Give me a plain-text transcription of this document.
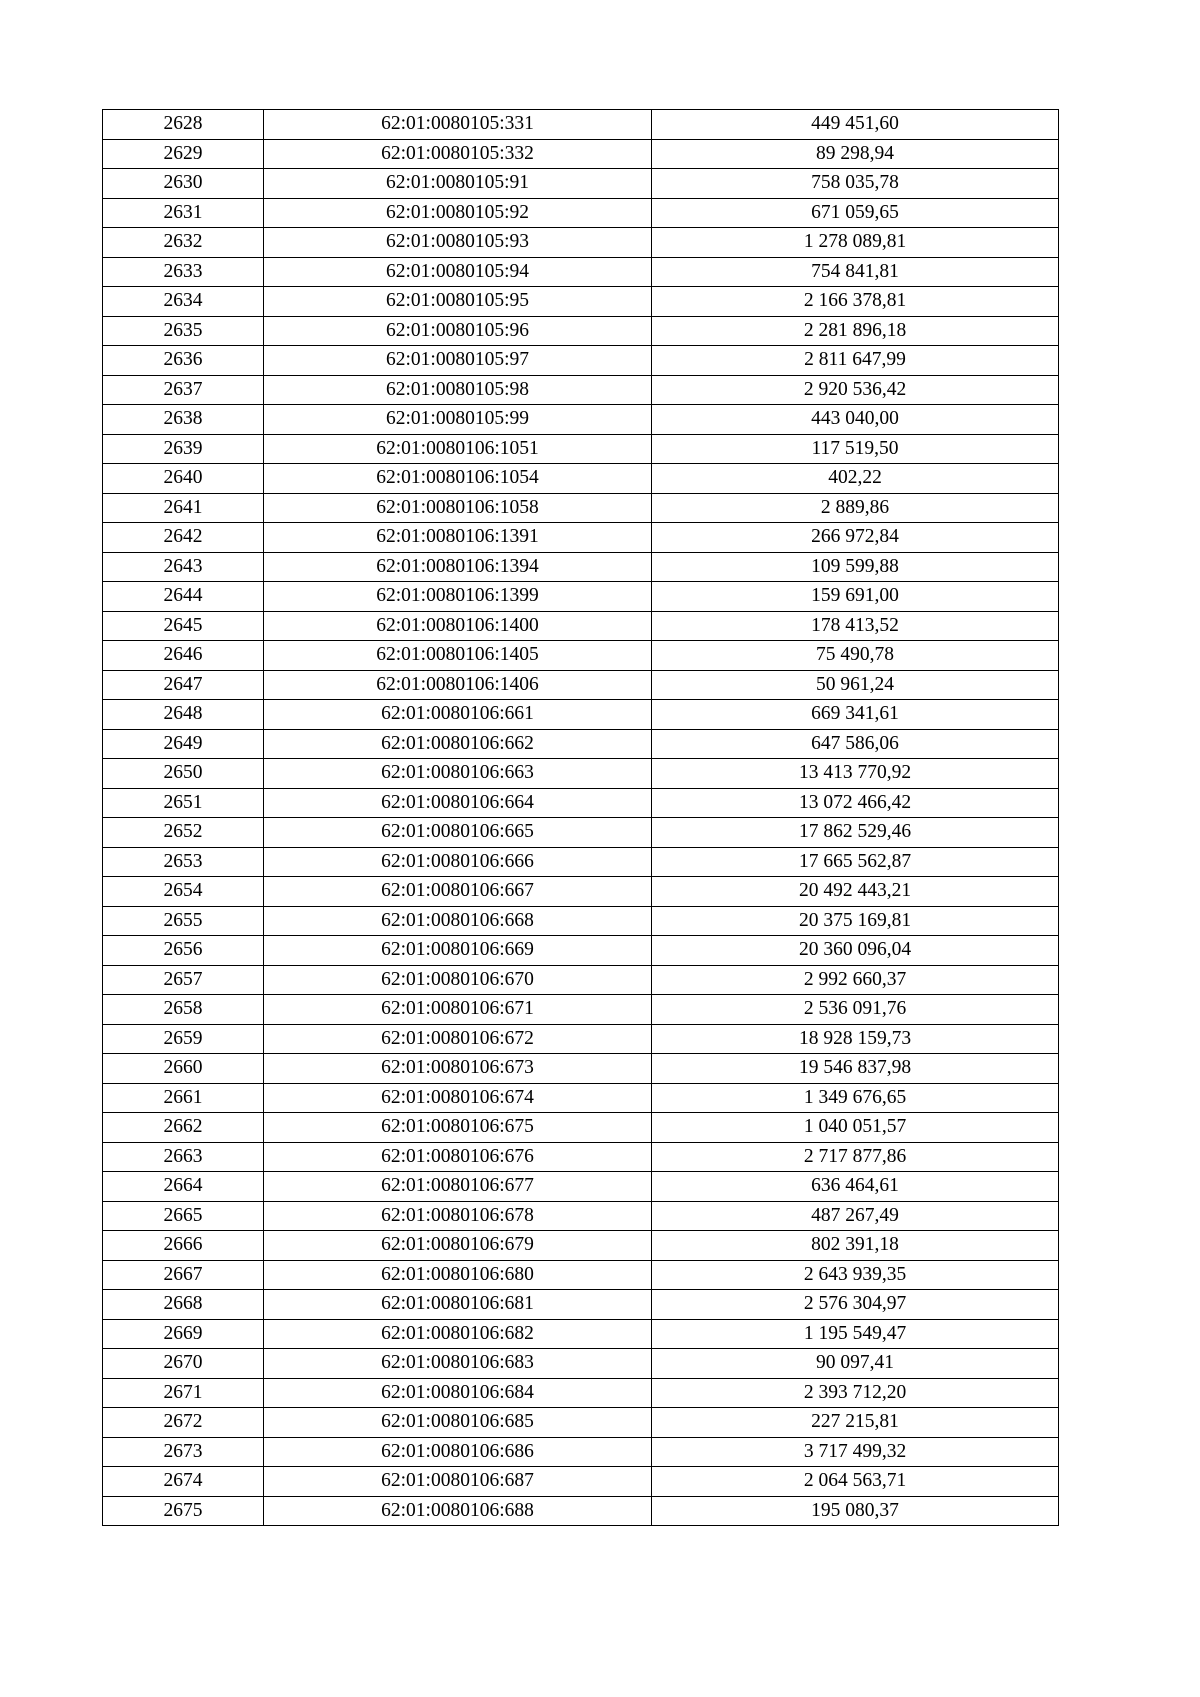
2628	62:01:0080105:331	449 451,60
2629	62:01:0080105:332	89 298,94
2630	62:01:0080105:91	758 035,78
2631	62:01:0080105:92	671 059,65
2632	62:01:0080105:93	1 278 089,81
2633	62:01:0080105:94	754 841,81
2634	62:01:0080105:95	2 166 378,81
2635	62:01:0080105:96	2 281 896,18
2636	62:01:0080105:97	2 811 647,99
2637	62:01:0080105:98	2 920 536,42
2638	62:01:0080105:99	443 040,00
2639	62:01:0080106:1051	117 519,50
2640	62:01:0080106:1054	402,22
2641	62:01:0080106:1058	2 889,86
2642	62:01:0080106:1391	266 972,84
2643	62:01:0080106:1394	109 599,88
2644	62:01:0080106:1399	159 691,00
2645	62:01:0080106:1400	178 413,52
2646	62:01:0080106:1405	75 490,78
2647	62:01:0080106:1406	50 961,24
2648	62:01:0080106:661	669 341,61
2649	62:01:0080106:662	647 586,06
2650	62:01:0080106:663	13 413 770,92
2651	62:01:0080106:664	13 072 466,42
2652	62:01:0080106:665	17 862 529,46
2653	62:01:0080106:666	17 665 562,87
2654	62:01:0080106:667	20 492 443,21
2655	62:01:0080106:668	20 375 169,81
2656	62:01:0080106:669	20 360 096,04
2657	62:01:0080106:670	2 992 660,37
2658	62:01:0080106:671	2 536 091,76
2659	62:01:0080106:672	18 928 159,73
2660	62:01:0080106:673	19 546 837,98
2661	62:01:0080106:674	1 349 676,65
2662	62:01:0080106:675	1 040 051,57
2663	62:01:0080106:676	2 717 877,86
2664	62:01:0080106:677	636 464,61
2665	62:01:0080106:678	487 267,49
2666	62:01:0080106:679	802 391,18
2667	62:01:0080106:680	2 643 939,35
2668	62:01:0080106:681	2 576 304,97
2669	62:01:0080106:682	1 195 549,47
2670	62:01:0080106:683	90 097,41
2671	62:01:0080106:684	2 393 712,20
2672	62:01:0080106:685	227 215,81
2673	62:01:0080106:686	3 717 499,32
2674	62:01:0080106:687	2 064 563,71
2675	62:01:0080106:688	195 080,37
